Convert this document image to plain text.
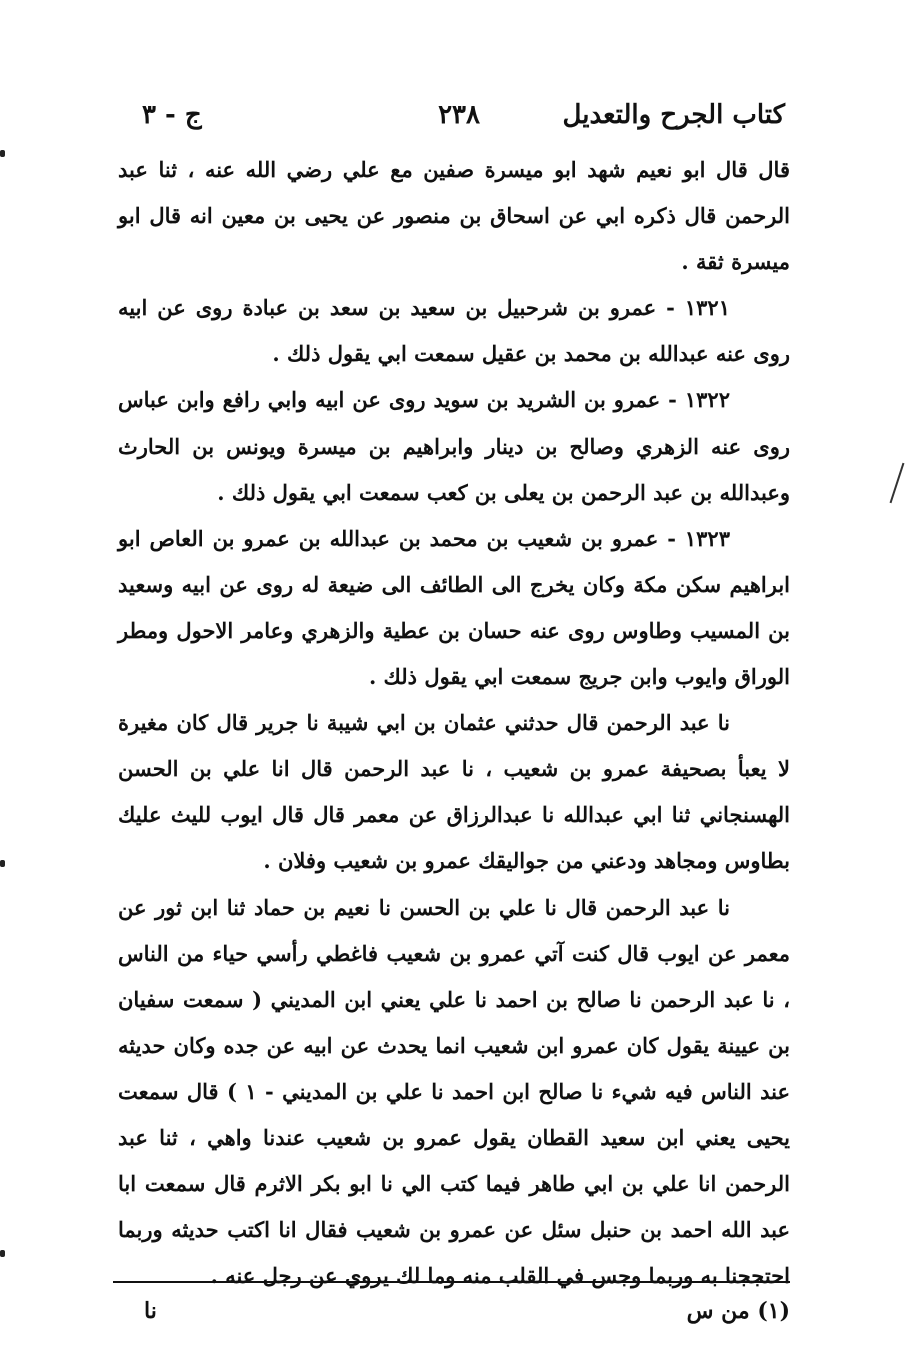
كتاب الجرح والتعديل
٢٣٨
ج - ٣

قال قال ابو نعيم شهد ابو ميسرة صفين مع علي رضي الله عنه ، ثنا عبد الرحمن قال ذكره ابي عن اسحاق بن منصور عن يحيى بن معين انه قال ابو ميسرة ثقة .

١٣٢١ - عمرو بن شرحبيل بن سعيد بن سعد بن عبادة روى عن ابيه روى عنه عبدالله بن محمد بن عقيل سمعت ابي يقول ذلك .

١٣٢٢ - عمرو بن الشريد بن سويد روى عن ابيه وابي رافع وابن عباس روى عنه الزهري وصالح بن دينار وابراهيم بن ميسرة ويونس بن الحارث وعبدالله بن عبد الرحمن بن يعلى بن كعب سمعت ابي يقول ذلك .

١٣٢٣ - عمرو بن شعيب بن محمد بن عبدالله بن عمرو بن العاص ابو ابراهيم سكن مكة وكان يخرج الى الطائف الى ضيعة له روى عن ابيه وسعيد بن المسيب وطاوس روى عنه حسان بن عطية والزهري وعامر الاحول ومطر الوراق وايوب وابن جريج سمعت ابي يقول ذلك .

نا عبد الرحمن قال حدثني عثمان بن ابي شيبة نا جرير قال كان مغيرة لا يعبأ بصحيفة عمرو بن شعيب ، نا عبد الرحمن قال انا علي بن الحسن الهسنجاني ثنا ابي عبدالله نا عبدالرزاق عن معمر قال قال ايوب لليث عليك بطاوس ومجاهد ودعني من جواليقك عمرو بن شعيب وفلان .

نا عبد الرحمن قال نا علي بن الحسن نا نعيم بن حماد ثنا ابن ثور عن معمر عن ايوب قال كنت آتي عمرو بن شعيب فاغطي رأسي حياء من الناس ، نا عبد الرحمن نا صالح بن احمد نا علي يعني ابن المديني ( سمعت سفيان بن عيينة يقول كان عمرو ابن شعيب انما يحدث عن ابيه عن جده وكان حديثه عند الناس فيه شيء نا صالح ابن احمد نا علي بن المديني - ١ ) قال سمعت يحيى يعني ابن سعيد القطان يقول عمرو بن شعيب عندنا واهي ، ثنا عبد الرحمن انا علي بن ابي طاهر فيما كتب الي نا ابو بكر الاثرم قال سمعت ابا عبد الله احمد بن حنبل سئل عن عمرو بن شعيب فقال انا اكتب حديثه وربما احتججنا به وربما وجس في القلب منه وما لك يروي عن رجل عنه .

(١) من س
نا
